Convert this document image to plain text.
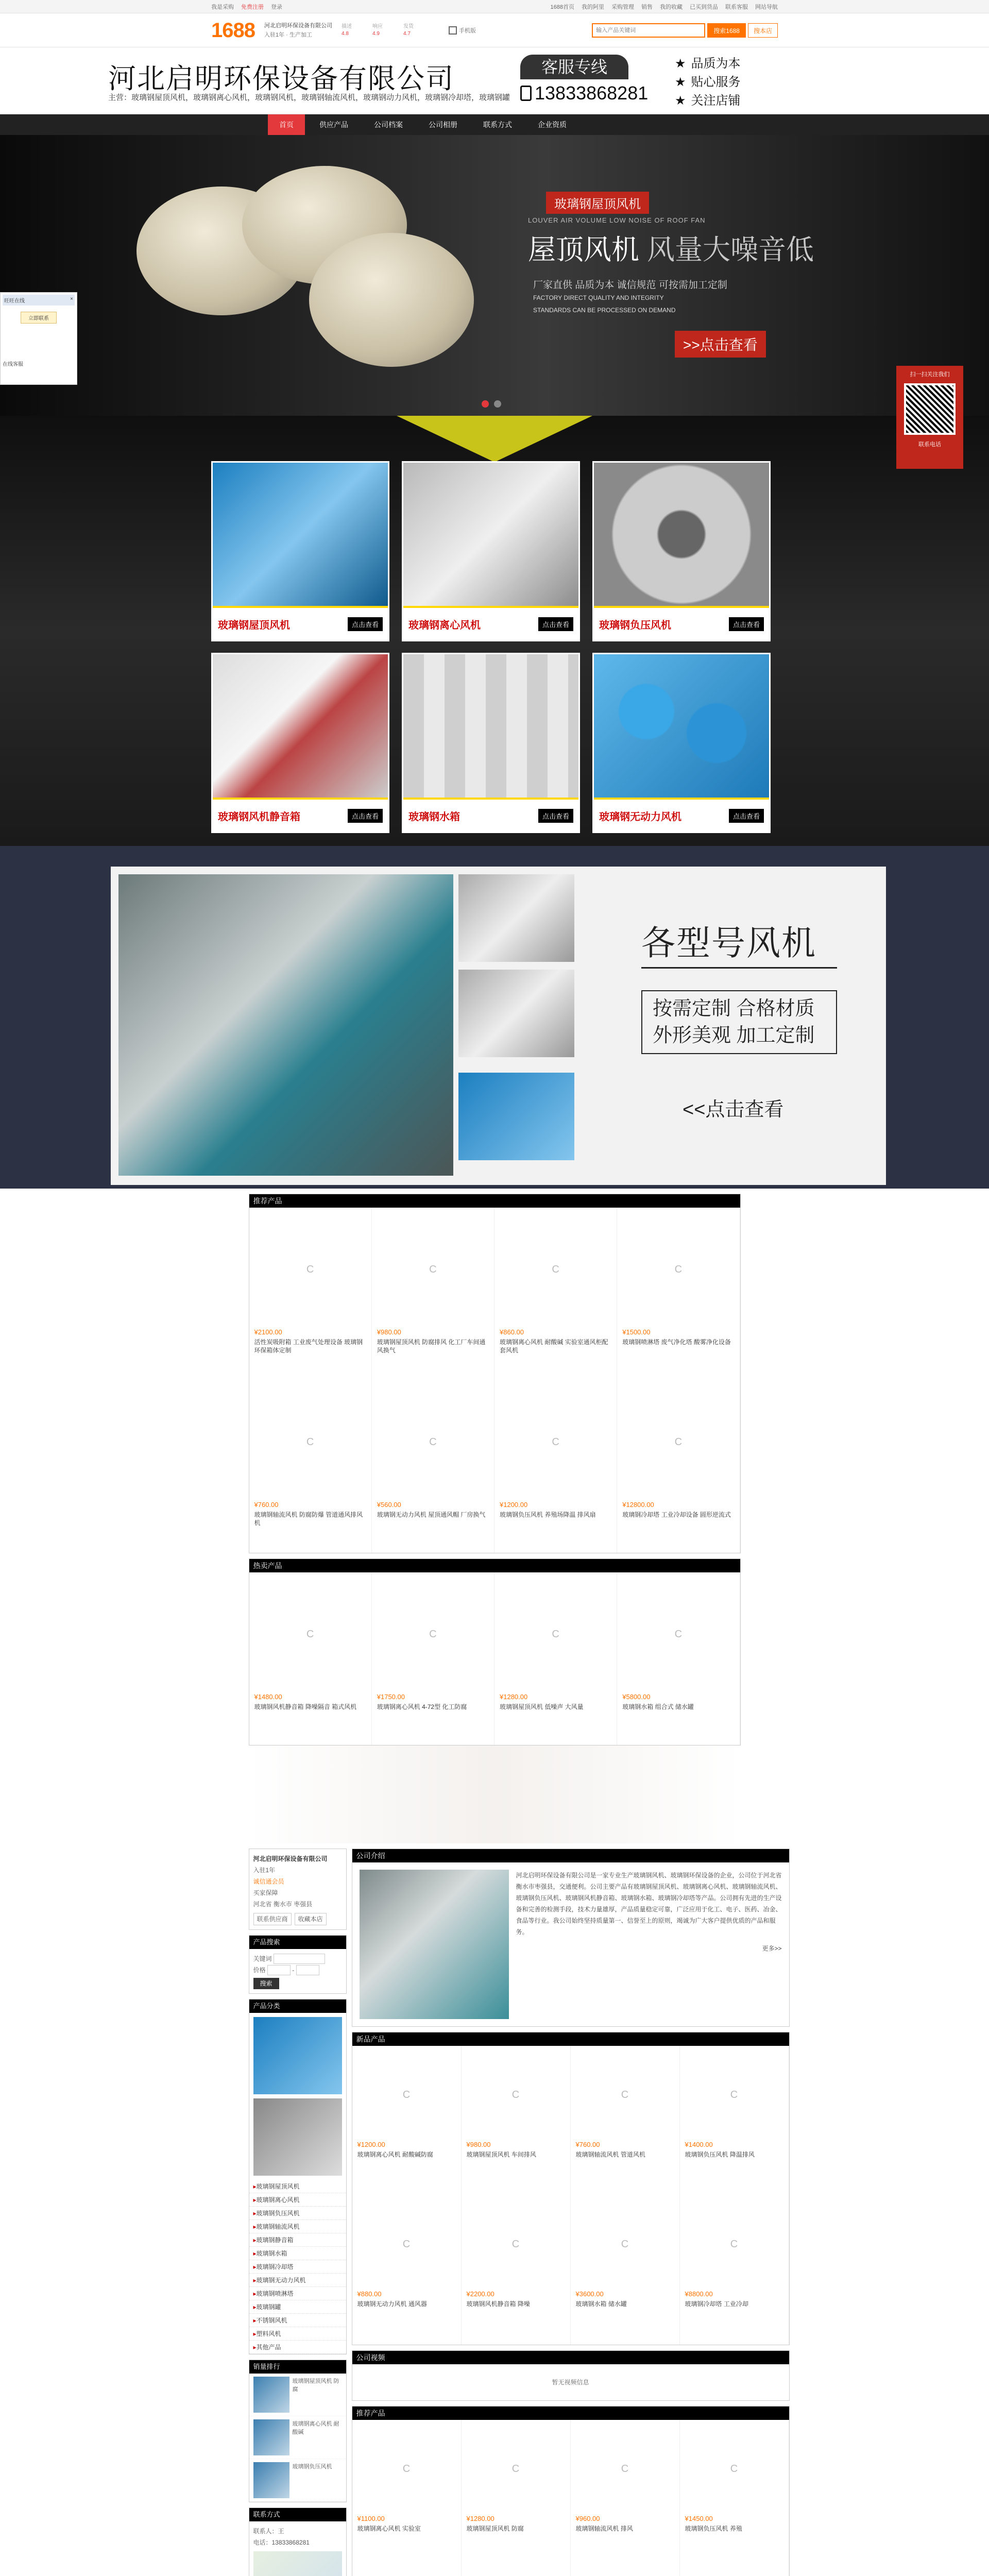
我是采购 免费注册 登录	1688首页 我的阿里 采购管理 销售 我的收藏 已买到货品 联系客服 网站导航
1688 河北启明环保设备有限公司
入驻1年 · 生产加工
描述	响应	发货
4.8	4.9	4.7	手机版
输入产品关键词	搜索1688	搜本店
河北启明环保设备有限公司
主营：玻璃钢屋顶风机，玻璃钢离心风机，玻璃钢风机，玻璃钢轴流风机，玻璃钢动力风机，玻璃钢冷却塔，玻璃钢罐
客服专线
13833868281
★ 品质为本
★ 贴心服务
★ 关注店铺
首页	供应产品	公司档案	公司相册	联系方式	企业资质
玻璃钢屋顶风机
LOUVER AIR VOLUME LOW NOISE OF ROOF FAN
屋顶风机 风量大噪音低
厂家直供 品质为本 诚信规范 可按需加工定制
FACTORY DIRECT QUALITY AND INTEGRITY
STANDARDS CAN BE PROCESSED ON DEMAND
>>点击查看
旺旺在线	×
立即联系
在线客服
扫一扫关注我们
联系电话
玻璃钢屋顶风机	点击查看	玻璃钢离心风机	点击查看	玻璃钢负压风机	点击查看
玻璃钢风机静音箱	点击查看	玻璃钢水箱	点击查看	玻璃钢无动力风机	点击查看
各型号风机
按需定制 合格材质
外形美观 加工定制
<<点击查看
推荐产品
C
¥2100.00
活性炭吸附箱 工业废气处理设备 玻璃钢环保箱体定制
C
¥980.00
玻璃钢屋顶风机 防腐排风 化工厂车间通风换气
C
¥860.00
玻璃钢离心风机 耐酸碱 实验室通风柜配套风机
C
¥1500.00
玻璃钢喷淋塔 废气净化塔 酸雾净化设备
C
¥760.00
玻璃钢轴流风机 防腐防爆 管道通风排风机
C
¥560.00
玻璃钢无动力风机 屋顶通风帽 厂房换气
C
¥1200.00
玻璃钢负压风机 养殖场降温 排风扇
C
¥12800.00
玻璃钢冷却塔 工业冷却设备 圆形逆流式
热卖产品
C
¥1480.00
玻璃钢风机静音箱 降噪隔音 箱式风机
C
¥1750.00
玻璃钢离心风机 4-72型 化工防腐
C
¥1280.00
玻璃钢屋顶风机 低噪声 大风量
C
¥5800.00
玻璃钢水箱 组合式 储水罐
河北启明环保设备有限公司
入驻1年
诚信通会员
买家保障
河北省 衡水市 枣强县
联系供应商	收藏本店
产品搜索
关键词
价格	-
搜索
产品分类
▸ 玻璃钢屋顶风机
▸ 玻璃钢离心风机
▸ 玻璃钢负压风机
▸ 玻璃钢轴流风机
▸ 玻璃钢静音箱
▸ 玻璃钢水箱
▸ 玻璃钢冷却塔
▸ 玻璃钢无动力风机
▸ 玻璃钢喷淋塔
▸ 玻璃钢罐
▸ 不锈钢风机
▸ 塑料风机
▸ 其他产品
销量排行
玻璃钢屋顶风机 防腐
玻璃钢离心风机 耐酸碱
玻璃钢负压风机
联系方式
联系人：王
电话：13833868281
公司介绍
河北启明环保设备有限公司是一家专业生产玻璃钢风机、玻璃钢环保设备的企业，公司位于河北省衡水市枣强县，交通便利。公司主要产品有玻璃钢屋顶风机、玻璃钢离心风机、玻璃钢轴流风机、玻璃钢负压风机、玻璃钢风机静音箱、玻璃钢水箱、玻璃钢冷却塔等产品。公司拥有先进的生产设备和完善的检测手段，技术力量雄厚，产品质量稳定可靠，广泛应用于化工、电子、医药、冶金、食品等行业。我公司始终坚持质量第一、信誉至上的原则，竭诚为广大客户提供优质的产品和服务。
更多>>
新品产品
C
¥1200.00
玻璃钢离心风机 耐酸碱防腐
C
¥980.00
玻璃钢屋顶风机 车间排风
C
¥760.00
玻璃钢轴流风机 管道风机
C
¥1400.00
玻璃钢负压风机 降温排风
C
¥880.00
玻璃钢无动力风机 通风器
C
¥2200.00
玻璃钢风机静音箱 降噪
C
¥3600.00
玻璃钢水箱 储水罐
C
¥8800.00
玻璃钢冷却塔 工业冷却
公司视频
暂无视频信息
推荐产品
C
¥1100.00
玻璃钢离心风机 实验室
C
¥1280.00
玻璃钢屋顶风机 防腐
C
¥960.00
玻璃钢轴流风机 排风
C
¥1450.00
玻璃钢负压风机 养殖
